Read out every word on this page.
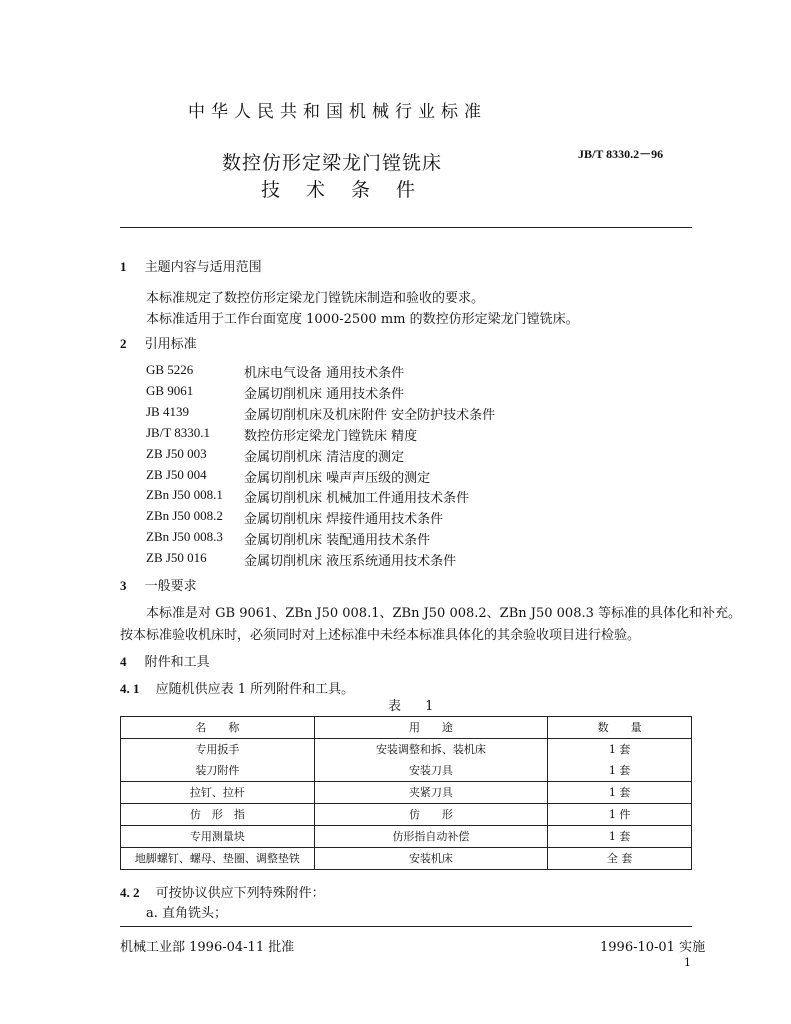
中华人民共和国机械行业标准
JB/T 8330.2－96
数控仿形定梁龙门镗铣床
技术条件
1 主题内容与适用范围
本标准规定了数控仿形定梁龙门镗铣床制造和验收的要求。
本标准适用于工作台面宽度 1000-2500 mm 的数控仿形定梁龙门镗铣床。
2 引用标准
GB 5226	机床电气设备 通用技术条件
GB 9061	金属切削机床 通用技术条件
JB 4139	金属切削机床及机床附件 安全防护技术条件
JB/T 8330.1	数控仿形定梁龙门镗铣床 精度
ZB J50 003	金属切削机床 清洁度的测定
ZB J50 004	金属切削机床 噪声声压级的测定
ZBn J50 008.1 金属切削机床 机械加工件通用技术条件
ZBn J50 008.2 金属切削机床 焊接件通用技术条件
ZBn J50 008.3 金属切削机床 装配通用技术条件
ZB J50 016	金属切削机床 液压系统通用技术条件
3 一般要求
本标准是对 GB 9061、ZBn J50 008.1、ZBn J50 008.2、ZBn J50 008.3 等标准的具体化和补充。
按本标准验收机床时，必须同时对上述标准中未经本标准具体化的其余验收项目进行检验。
4 附件和工具
4. 1 应随机供应表 1 所列附件和工具。
表 1
名　　称	用　　途	数　　量
专用扳手	安装调整和拆、装机床	1 套
装刀附件	安装刀具	1 套
拉钉、拉杆	夹紧刀具	1 套
仿　形　指	仿　　形	1 件
专用测量块	仿形指自动补偿	1 套
地脚螺钉、螺母、垫圈、调整垫铁	安装机床	全 套
4. 2 可按协议供应下列特殊附件：
a. 直角铣头；
机械工业部 1996-04-11 批准	1996-10-01 实施
1
